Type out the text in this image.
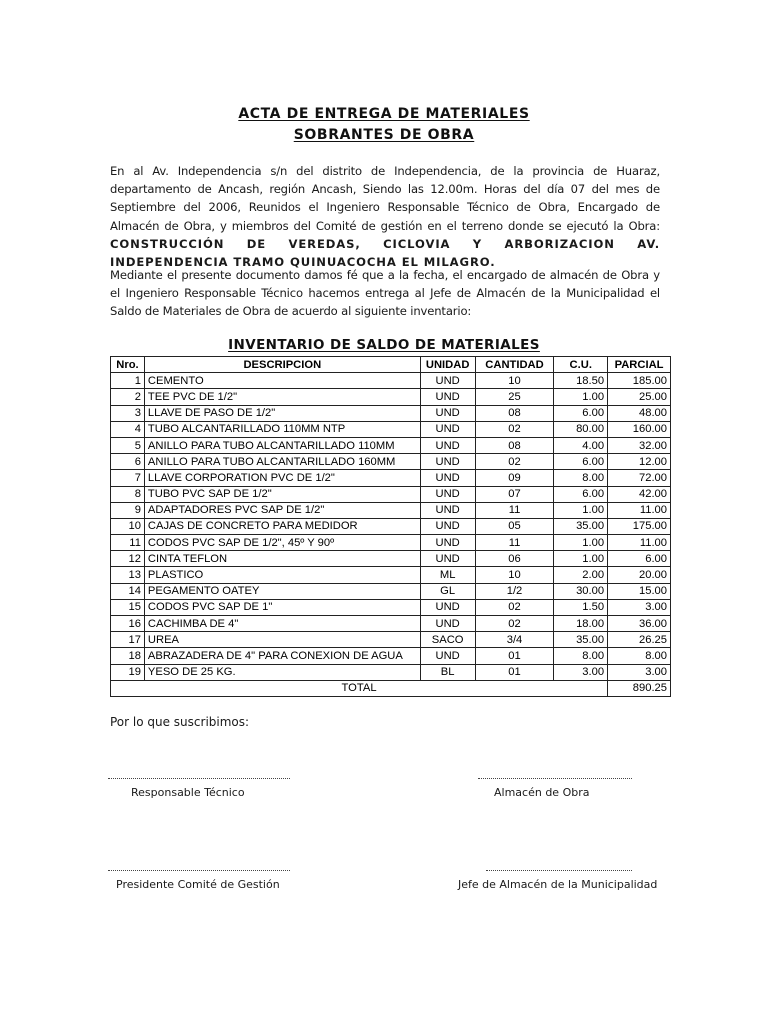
ACTA DE ENTREGA DE MATERIALES
SOBRANTES DE OBRA
En al Av. Independencia s/n del distrito de Independencia, de la provincia de Huaraz, departamento de Ancash, región Ancash, Siendo las 12.00m. Horas del día 07 del mes de Septiembre del 2006, Reunidos el Ingeniero Responsable Técnico de Obra, Encargado de Almacén de Obra, y miembros del Comité de gestión en el terreno donde se ejecutó la Obra: CONSTRUCCIÓN DE VEREDAS, CICLOVIA Y ARBORIZACION AV. INDEPENDENCIA TRAMO QUINUACOCHA EL MILAGRO.
Mediante el presente documento damos fé que a la fecha, el encargado de almacén de Obra y el Ingeniero Responsable Técnico hacemos entrega al Jefe de Almacén de la Municipalidad el Saldo de Materiales de Obra de acuerdo al siguiente inventario:
INVENTARIO DE SALDO DE MATERIALES
Nro.	DESCRIPCION	UNIDAD	CANTIDAD	C.U.	PARCIAL
1	CEMENTO	UND	10	18.50	185.00
2	TEE PVC DE 1/2"	UND	25	1.00	25.00
3	LLAVE DE PASO DE 1/2"	UND	08	6.00	48.00
4	TUBO ALCANTARILLADO 110MM NTP	UND	02	80.00	160.00
5	ANILLO PARA TUBO ALCANTARILLADO 110MM	UND	08	4.00	32.00
6	ANILLO PARA TUBO ALCANTARILLADO 160MM	UND	02	6.00	12.00
7	LLAVE CORPORATION PVC DE 1/2"	UND	09	8.00	72.00
8	TUBO PVC SAP DE 1/2"	UND	07	6.00	42.00
9	ADAPTADORES PVC SAP DE 1/2"	UND	11	1.00	11.00
10	CAJAS DE CONCRETO PARA MEDIDOR	UND	05	35.00	175.00
11	CODOS PVC SAP DE 1/2", 45º Y 90º	UND	11	1.00	11.00
12	CINTA TEFLON	UND	06	1.00	6.00
13	PLASTICO	ML	10	2.00	20.00
14	PEGAMENTO OATEY	GL	1/2	30.00	15.00
15	CODOS PVC SAP DE 1"	UND	02	1.50	3.00
16	CACHIMBA DE 4"	UND	02	18.00	36.00
17	UREA	SACO	3/4	35.00	26.25
18	ABRAZADERA DE 4" PARA CONEXION DE AGUA	UND	01	8.00	8.00
19	YESO DE 25 KG.	BL	01	3.00	3.00
TOTAL					890.25
Por lo que suscribimos:
Responsable Técnico	Almacén de Obra
Presidente Comité de Gestión	Jefe de Almacén de la Municipalidad
